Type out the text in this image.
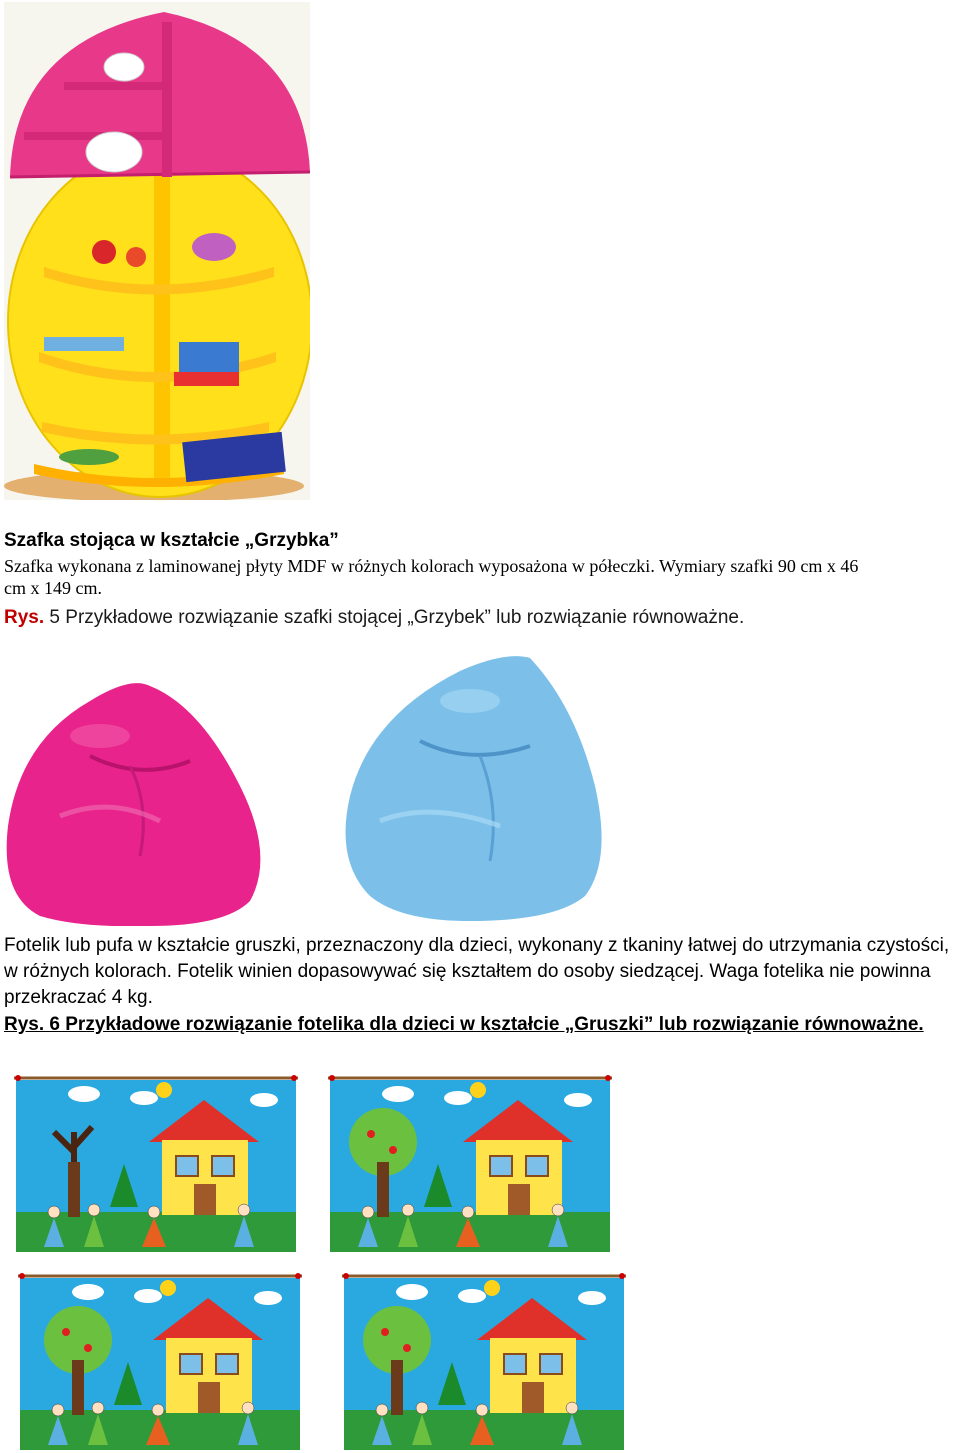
Szafka stojąca w kształcie „Grzybka”
Szafka wykonana z laminowanej płyty MDF w różnych kolorach wyposażona w półeczki. Wymiary szafki 90 cm x 46 cm x 149 cm.
Rys. 5 Przykładowe rozwiązanie szafki stojącej „Grzybek” lub rozwiązanie równoważne.
Fotelik lub pufa w kształcie gruszki, przeznaczony dla dzieci, wykonany z tkaniny łatwej do utrzymania czystości, w różnych kolorach. Fotelik winien dopasowywać się kształtem do osoby siedzącej. Waga fotelika nie powinna przekraczać 4 kg.
Rys. 6 Przykładowe rozwiązanie fotelika dla dzieci w kształcie „Gruszki” lub rozwiązanie równoważne.
